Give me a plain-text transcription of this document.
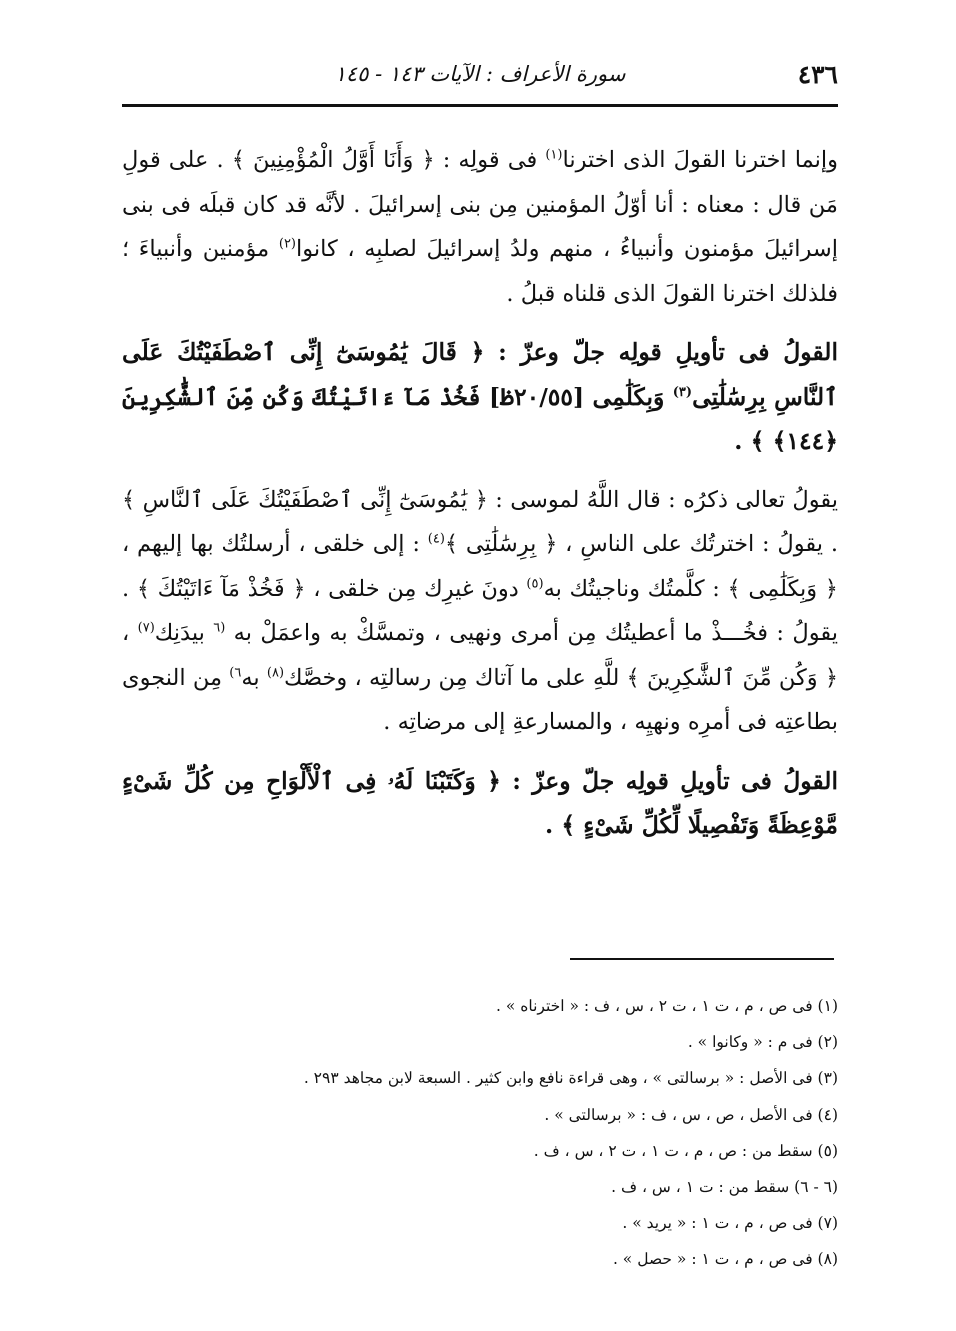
٤٣٦
سورة الأعراف : الآيات ١٤٣ - ١٤٥

وإنما اخترنا القولَ الذى اخترنا$^{(١)}$ فى قولِه : ﴿ وَأَنَا أَوَّلُ الْمُؤْمِنِينَ ﴾ . على قولِ مَن قال : معناه : أنا أوّلُ المؤمنين مِن بنى إسرائيلَ . لأنَّه قد كان قبلَه فى بنى إسرائيلَ مؤمنون وأنبياءُ ، منهم ولدُ إسرائيلَ لصلبِه ، كانوا$^{(٢)}$ مؤمنين وأنبياءَ ؛ فلذلك اخترنا القولَ الذى قلناه قبلُ .

القولُ فى تأويلِ قولِه جلّ وعزّ : ﴿ قَالَ يَٰمُوسَىٰٓ إِنِّى ٱصْطَفَيْتُكَ عَلَى ٱلنَّاسِ بِرِسَٰلَٰتِى$^{(٣)}$ وَبِكَلَٰمِى [٢٠/٥٥ظ] فَخُذْ مَآ ءَاتَيْتُكَ وَكُن مِّنَ ٱلشَّٰكِرِينَ ﴿١٤٤﴾ ﴾ .

يقولُ تعالى ذكرُه : قال اللَّهُ لموسى : ﴿ يَٰمُوسَىٰٓ إِنِّى ٱصْطَفَيْتُكَ عَلَى ٱلنَّاسِ ﴾ . يقولُ : اخترتُك على الناسِ ، ﴿ بِرِسَٰلَٰتِى ﴾$^{(٤)}$ : إلى خلقى ، أرسلتُك بها إليهم ، ﴿ وَبِكَلَٰمِى ﴾ : كلَّمتُك وناجيتُك به$^{(٥)}$ دونَ غيرِك مِن خلقى ، ﴿ فَخُذْ مَآ ءَاتَيْتُكَ ﴾ . يقولُ : فخُـــذْ ما أعطيتُك مِن أمرى ونهيى ، وتمسَّكْ به واعمَلْ به $^{(٦}$ بيدَنِك$^{(٧)}$ ، ﴿ وَكُن مِّنَ ٱلشَّٰكِرِينَ ﴾ للَّهِ على ما آتاك مِن رسالتِه ، وخصَّك$^{(٨)}$ به$^{٦)}$ مِن النجوى بطاعتِه فى أمرِه ونهيِه ، والمسارعةِ إلى مرضاتِه .

القولُ فى تأويلِ قولِه جلّ وعزّ : ﴿ وَكَتَبْنَا لَهُۥ فِى ٱلْأَلْوَاحِ مِن كُلِّ شَىْءٍ مَّوْعِظَةً وَتَفْصِيلًا لِّكُلِّ شَىْءٍ ﴾ .

(١) فى ص ، م ، ت ١ ، ت ٢ ، س ، ف : « اخترناه » .
(٢) فى م : « وكانوا » .
(٣) فى الأصل : « برسالتى » ، وهى قراءة نافع وابن كثير . السبعة لابن مجاهد ٢٩٣ .
(٤) فى الأصل ، ص ، س ، ف : « برسالتى » .
(٥) سقط من : ص ، م ، ت ١ ، ت ٢ ، س ، ف .
(٦ - ٦) سقط من : ت ١ ، س ، ف .
(٧) فى ص ، م ، ت ١ : « يريد » .
(٨) فى ص ، م ، ت ١ : « حصل » .
